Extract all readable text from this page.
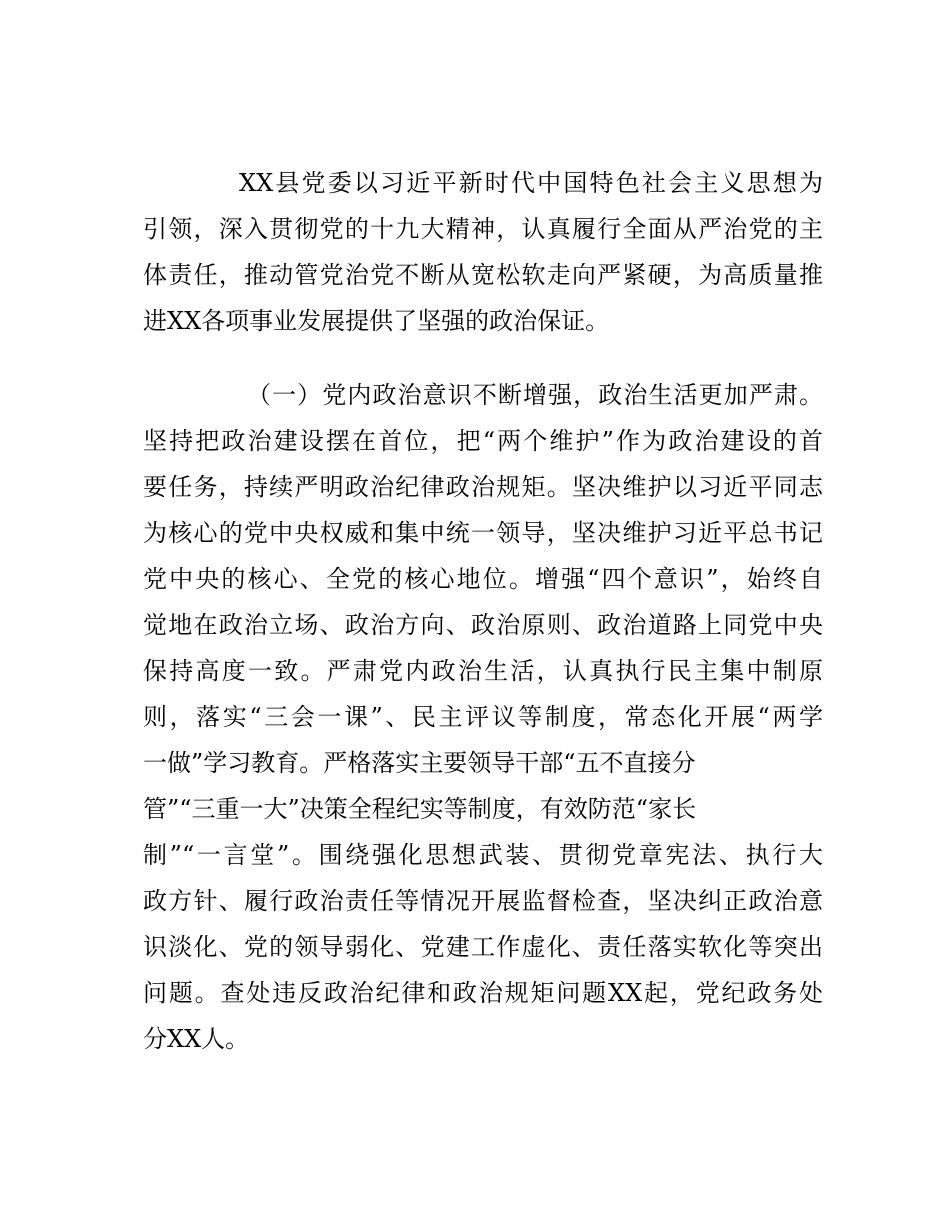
XX县党委以习近平新时代中国特色社会主义思想为
引领，深入贯彻党的十九大精神，认真履行全面从严治党的主
体责任，推动管党治党不断从宽松软走向严紧硬，为高质量推
进XX各项事业发展提供了坚强的政治保证。
（一）党内政治意识不断增强，政治生活更加严肃。
坚持把政治建设摆在首位，把“两个维护”作为政治建设的首
要任务，持续严明政治纪律政治规矩。坚决维护以习近平同志
为核心的党中央权威和集中统一领导，坚决维护习近平总书记
党中央的核心、全党的核心地位。增强“四个意识”，始终自
觉地在政治立场、政治方向、政治原则、政治道路上同党中央
保持高度一致。严肃党内政治生活，认真执行民主集中制原
则，落实“三会一课”、民主评议等制度，常态化开展“两学
一做”学习教育。严格落实主要领导干部“五不直接分
管”“三重一大”决策全程纪实等制度，有效防范“家长
制”“一言堂”。围绕强化思想武装、贯彻党章宪法、执行大
政方针、履行政治责任等情况开展监督检查，坚决纠正政治意
识淡化、党的领导弱化、党建工作虚化、责任落实软化等突出
问题。查处违反政治纪律和政治规矩问题XX起，党纪政务处
分XX人。
